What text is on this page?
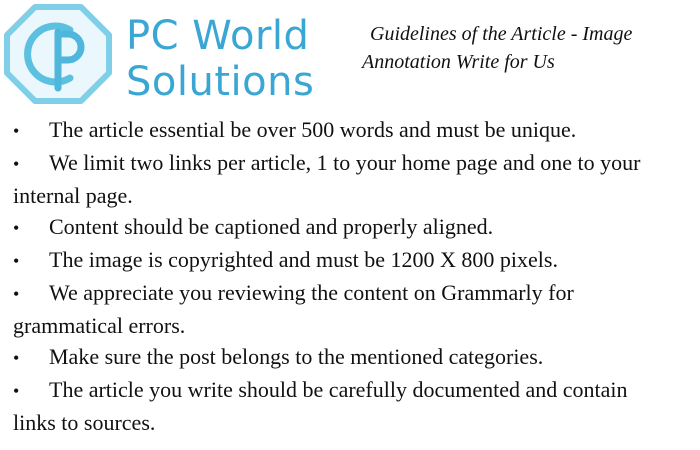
PC World
Solutions
Guidelines of the Article - Image Annotation Write for Us
• The article essential be over 500 words and must be unique.
• We limit two links per article, 1 to your home page and one to your internal page.
• Content should be captioned and properly aligned.
• The image is copyrighted and must be 1200 X 800 pixels.
• We appreciate you reviewing the content on Grammarly for grammatical errors.
• Make sure the post belongs to the mentioned categories.
• The article you write should be carefully documented and contain links to sources.
